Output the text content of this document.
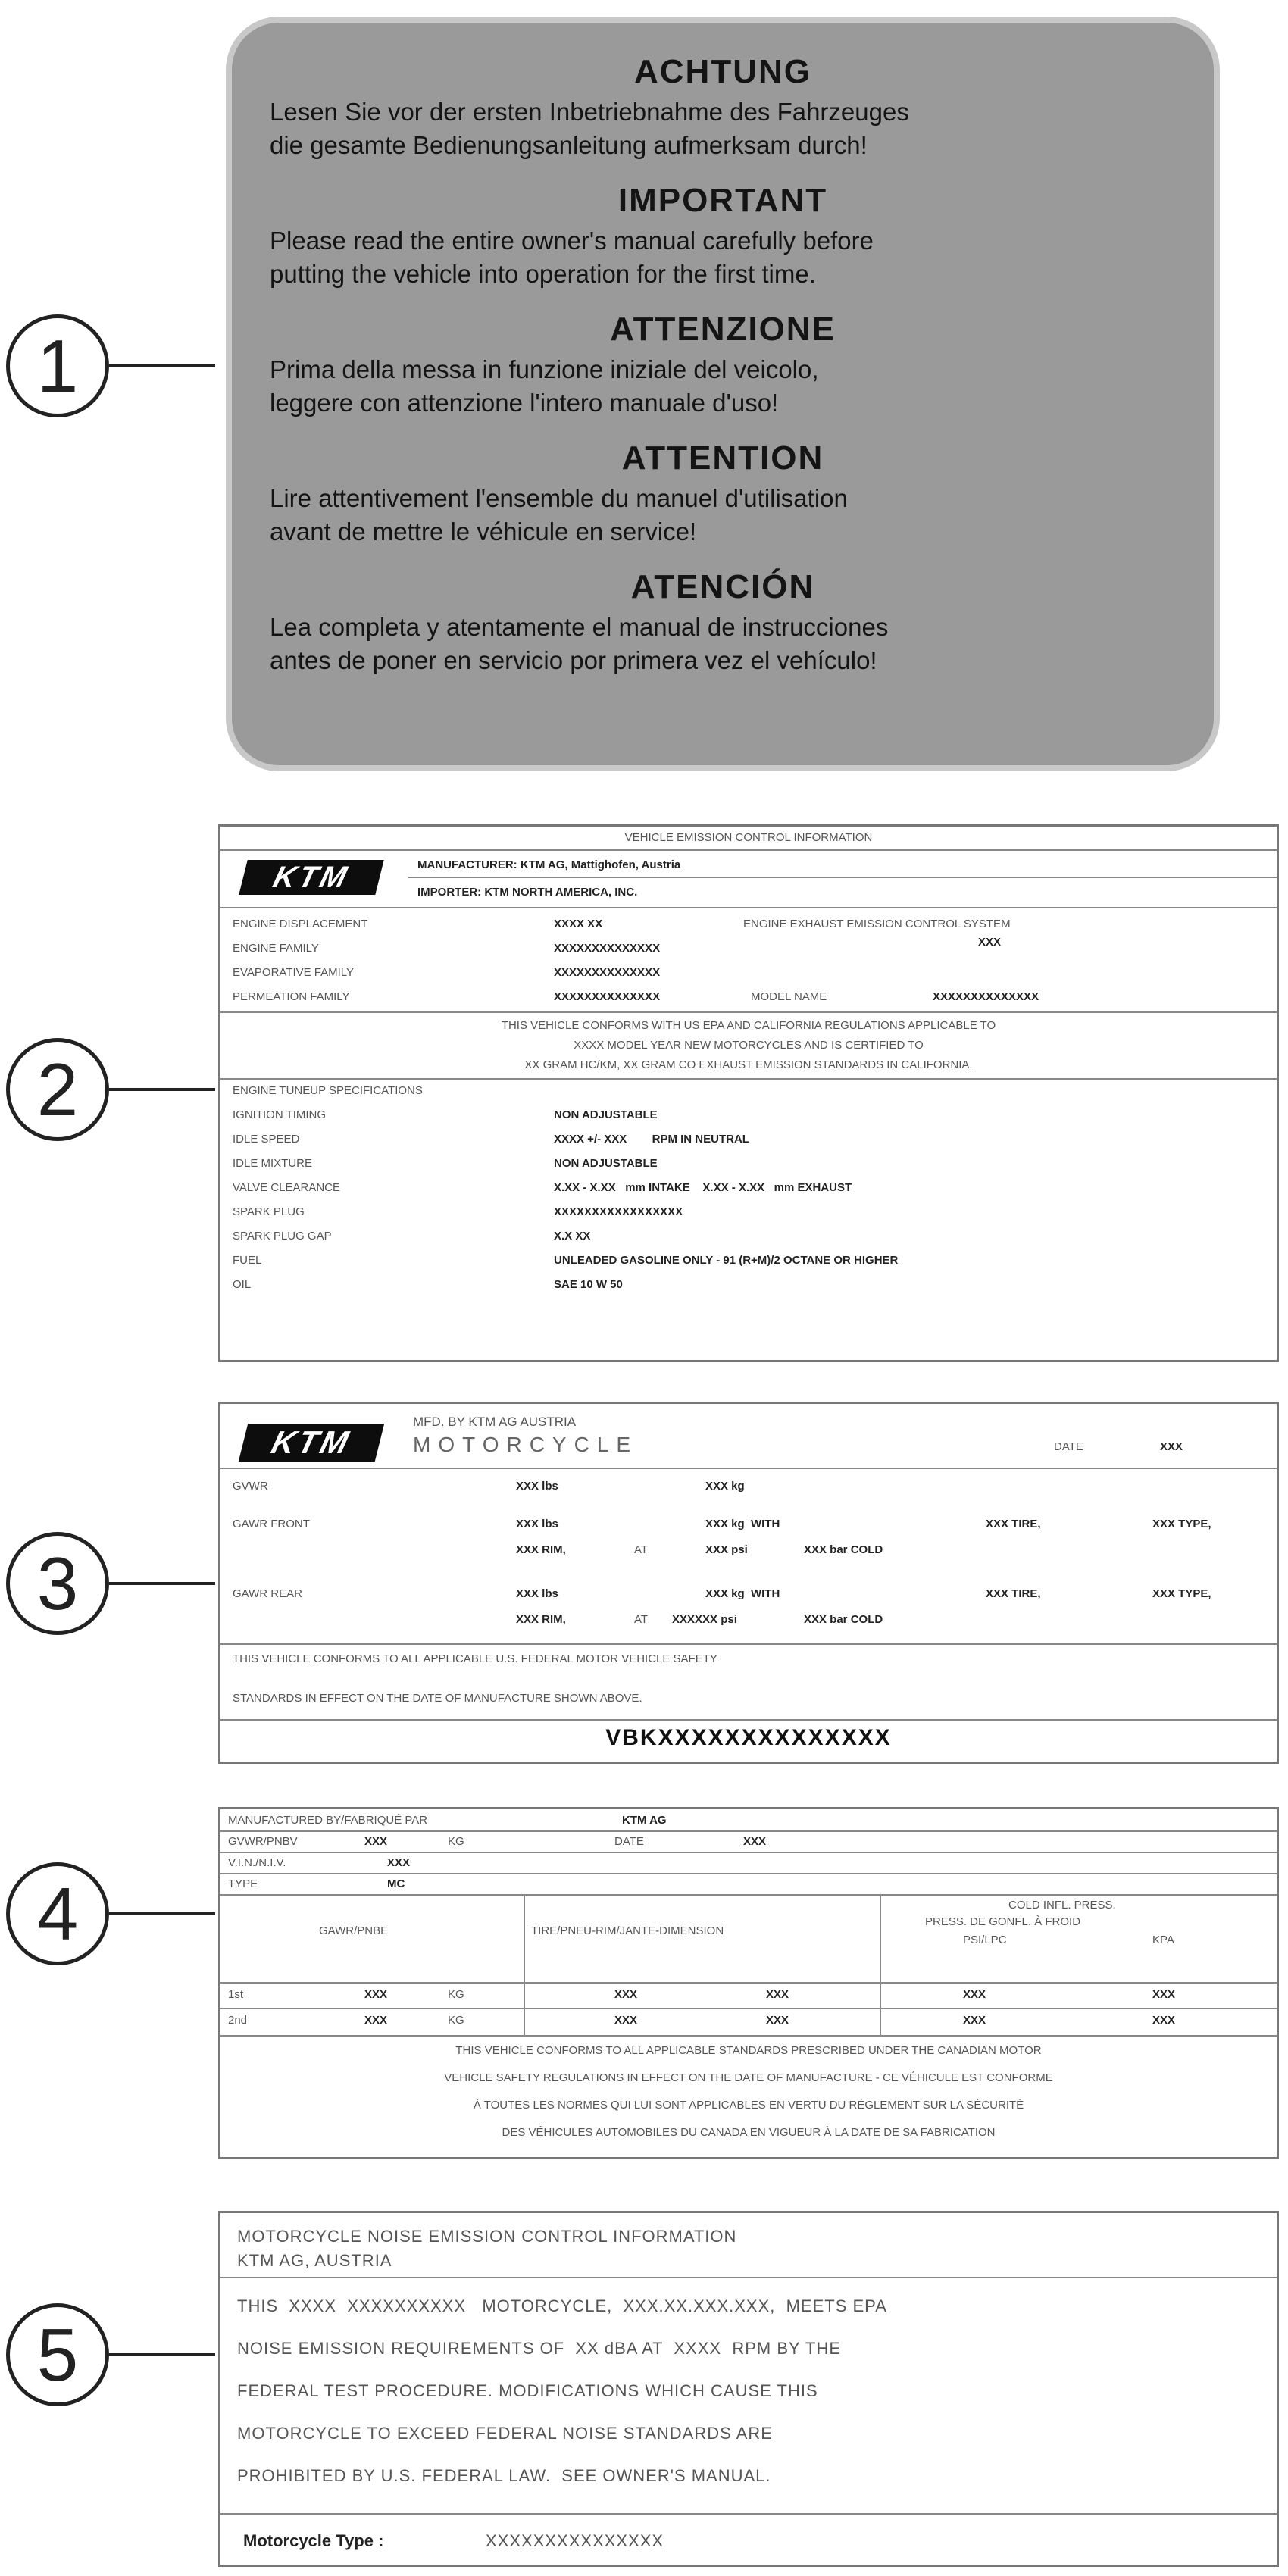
1
2
3
4
5
ACHTUNG

Lesen Sie vor der ersten Inbetriebnahme des Fahrzeuges

die gesamte Bedienungsanleitung aufmerksam durch!

IMPORTANT

Please read the entire owner's manual carefully before

putting the vehicle into operation for the first time.

ATTENZIONE

Prima della messa in funzione iniziale del veicolo,

leggere con attenzione l'intero manuale d'uso!

ATTENTION

Lire attentivement l'ensemble du manuel d'utilisation

avant de mettre le véhicule en service!

ATENCIÓN

Lea completa y atentamente el manual de instrucciones

antes de poner en servicio por primera vez el vehículo!

VEHICLE EMISSION CONTROL INFORMATION
KTM	MANUFACTURER: KTM AG, Mattighofen, Austria
IMPORTER: KTM NORTH AMERICA, INC.
ENGINE DISPLACEMENT	XXXX XX	ENGINE EXHAUST EMISSION CONTROL SYSTEM
XXX
ENGINE FAMILY	XXXXXXXXXXXXXX
EVAPORATIVE FAMILY	XXXXXXXXXXXXXX
PERMEATION FAMILY	XXXXXXXXXXXXXX	MODEL NAME	XXXXXXXXXXXXXX
THIS VEHICLE CONFORMS WITH US EPA AND CALIFORNIA REGULATIONS APPLICABLE TO
XXXX MODEL YEAR NEW MOTORCYCLES AND IS CERTIFIED TO
XX GRAM HC/KM, XX GRAM CO EXHAUST EMISSION STANDARDS IN CALIFORNIA.
ENGINE TUNEUP SPECIFICATIONS
IGNITION TIMING	NON ADJUSTABLE
IDLE SPEED	XXXX +/- XXX        RPM IN NEUTRAL
IDLE MIXTURE	NON ADJUSTABLE
VALVE CLEARANCE	X.XX - X.XX   mm INTAKE    X.XX - X.XX   mm EXHAUST
SPARK PLUG	XXXXXXXXXXXXXXXXX
SPARK PLUG GAP	X.X XX
FUEL	UNLEADED GASOLINE ONLY - 91 (R+M)/2 OCTANE OR HIGHER
OIL	SAE 10 W 50
KTM
MFD. BY KTM AG AUSTRIA
MOTORCYCLE	DATE	XXX
GVWR	XXX lbs	XXX kg
GAWR FRONT	XXX lbs	XXX kg  WITH	XXX TIRE,	XXX TYPE,
XXX RIM,	AT	XXX psi	XXX bar COLD
GAWR REAR	XXX lbs	XXX kg  WITH	XXX TIRE,	XXX TYPE,
XXX RIM,	AT XXXXXX psi	XXX bar COLD
THIS VEHICLE CONFORMS TO ALL APPLICABLE U.S. FEDERAL MOTOR VEHICLE SAFETY
STANDARDS IN EFFECT ON THE DATE OF MANUFACTURE SHOWN ABOVE.
VBKXXXXXXXXXXXXXX
MANUFACTURED BY/FABRIQUÉ PAR	KTM AG
GVWR/PNBV	XXX	KG	DATE	XXX
V.I.N./N.I.V.	XXX
TYPE	MC
GAWR/PNBE	TIRE/PNEU-RIM/JANTE-DIMENSION
COLD INFL. PRESS.
PRESS. DE GONFL. À FROID
PSI/LPC	KPA
1st	XXX	KG	XXX	XXX	XXX	XXX
2nd	XXX	KG	XXX	XXX	XXX	XXX
THIS VEHICLE CONFORMS TO ALL APPLICABLE STANDARDS PRESCRIBED UNDER THE CANADIAN MOTOR
VEHICLE SAFETY REGULATIONS IN EFFECT ON THE DATE OF MANUFACTURE - CE VÉHICULE EST CONFORME
À TOUTES LES NORMES QUI LUI SONT APPLICABLES EN VERTU DU RÈGLEMENT SUR LA SÉCURITÉ
DES VÉHICULES AUTOMOBILES DU CANADA EN VIGUEUR À LA DATE DE SA FABRICATION
MOTORCYCLE NOISE EMISSION CONTROL INFORMATION
KTM AG, AUSTRIA
THIS  XXXX  XXXXXXXXXX   MOTORCYCLE,  XXX.XX.XXX.XXX,  MEETS EPA
NOISE EMISSION REQUIREMENTS OF  XX dBA AT  XXXX  RPM BY THE
FEDERAL TEST PROCEDURE. MODIFICATIONS WHICH CAUSE THIS
MOTORCYCLE TO EXCEED FEDERAL NOISE STANDARDS ARE
PROHIBITED BY U.S. FEDERAL LAW.  SEE OWNER'S MANUAL.
Motorcycle Type :	XXXXXXXXXXXXXXX
